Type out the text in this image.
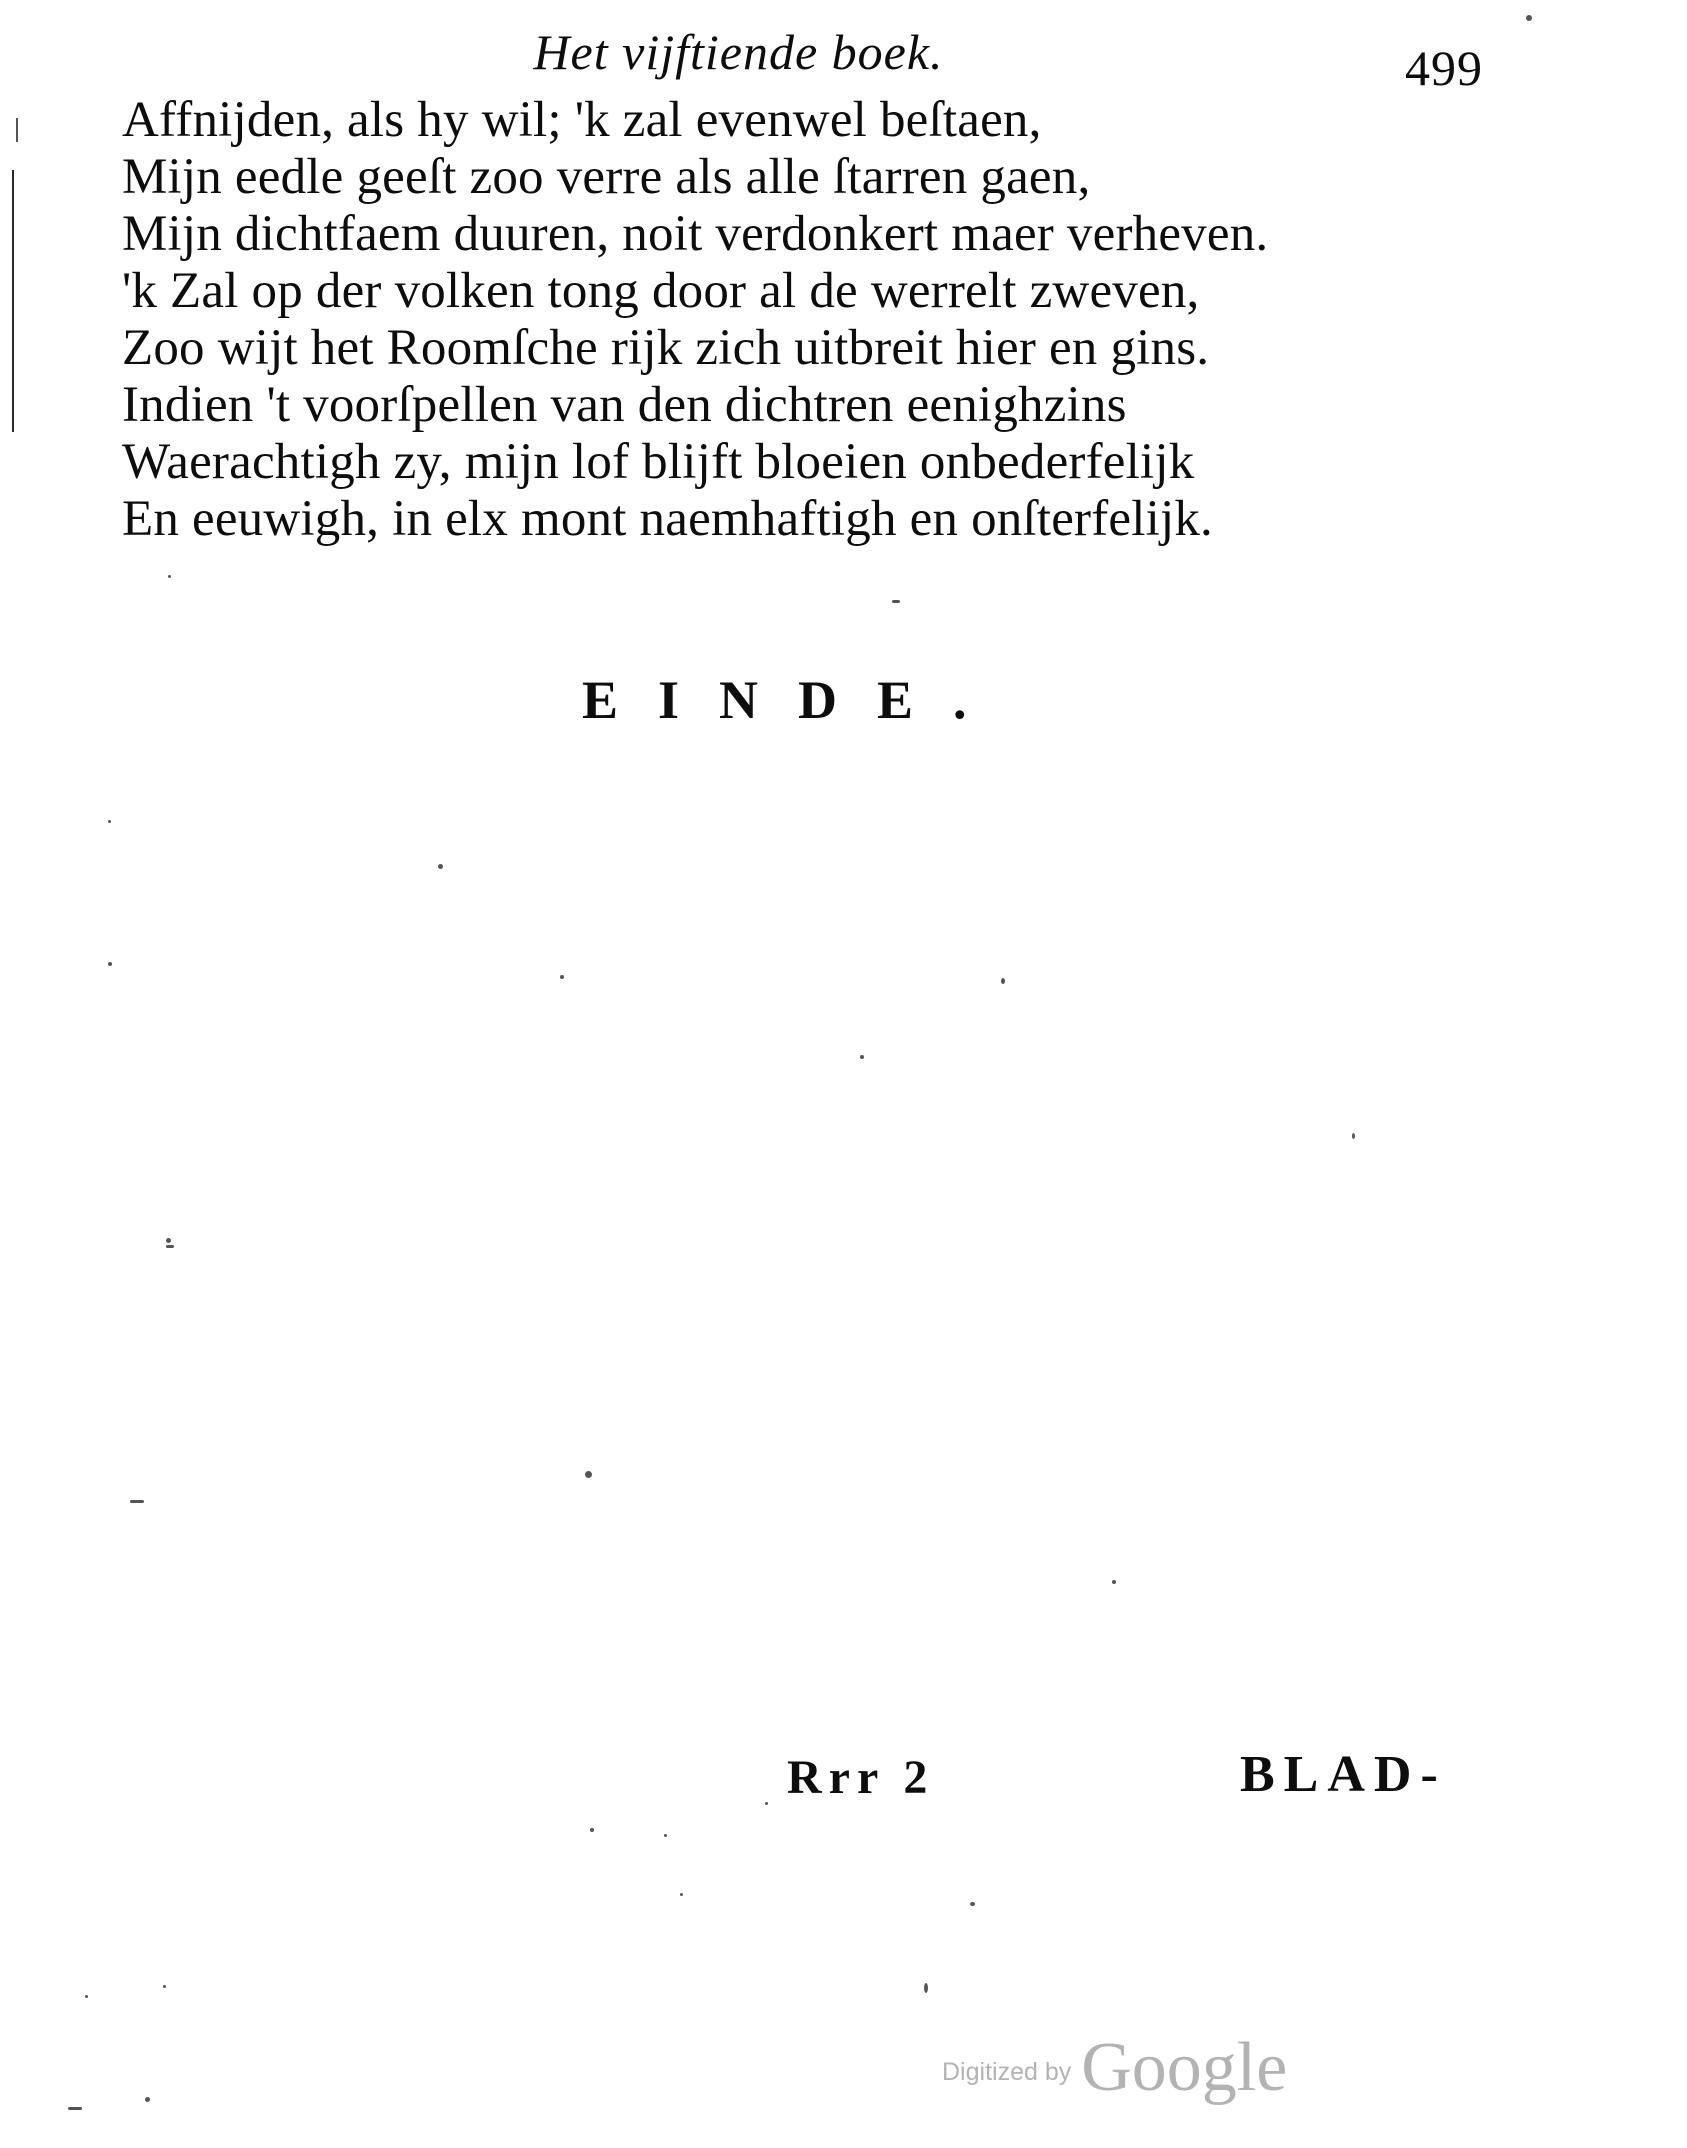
Het vijftiende boek.	499
Affnijden, als hy wil; 'k zal evenwel beſtaen,
Mijn eedle geeſt zoo verre als alle ſtarren gaen,
Mijn dichtfaem duuren, noit verdonkert maer verheven.
'k Zal op der volken tong door al de werrelt zweven,
Zoo wijt het Roomſche rijk zich uitbreit hier en gins.
Indien 't voorſpellen van den dichtren eenighzins
Waerachtigh zy, mijn lof blijft bloeien onbederfelijk
En eeuwigh, in elx mont naemhaftigh en onſterfelijk.
EINDE.
Rrr 2	BLAD-
Digitized by Google
